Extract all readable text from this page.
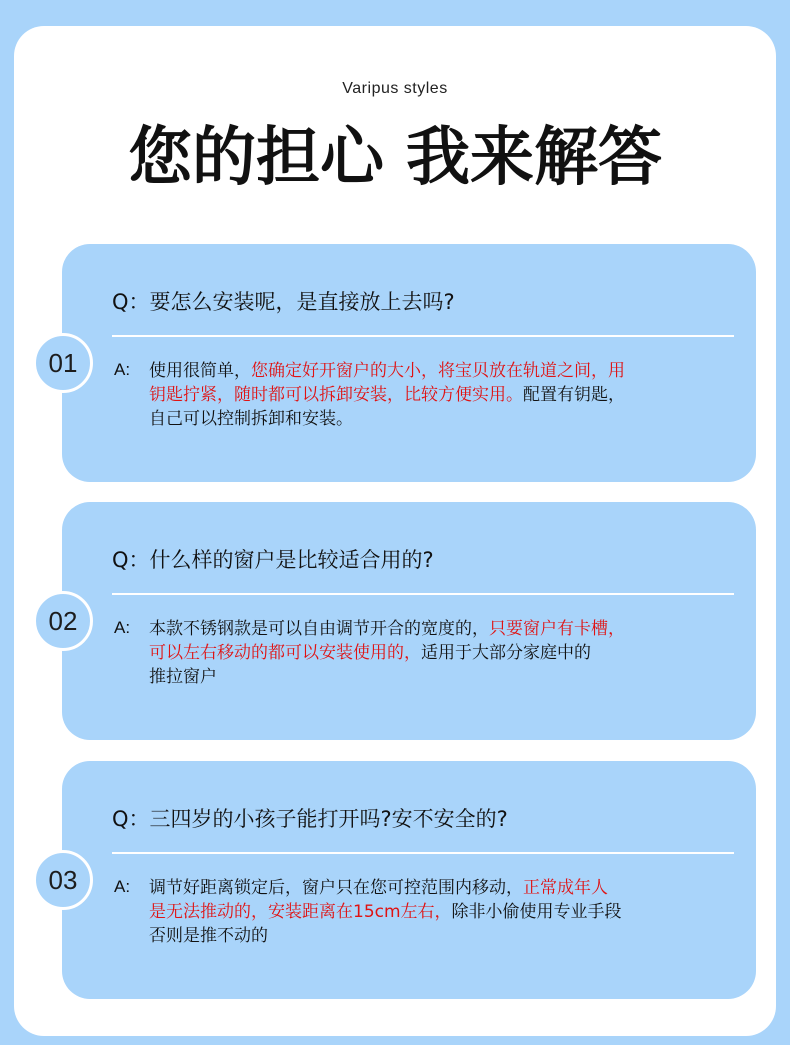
Varipus styles
您的担心 我来解答
01
Q：要怎么安装呢，是直接放上去吗?
A: 使用很简单，您确定好开窗户的大小，将宝贝放在轨道之间，用
钥匙拧紧，随时都可以拆卸安装，比较方便实用。配置有钥匙，
自己可以控制拆卸和安装。
02
Q：什么样的窗户是比较适合用的?
A: 本款不锈钢款是可以自由调节开合的宽度的，只要窗户有卡槽，
可以左右移动的都可以安装使用的，适用于大部分家庭中的
推拉窗户
03
Q：三四岁的小孩子能打开吗?安不安全的?
A: 调节好距离锁定后，窗户只在您可控范围内移动，正常成年人
是无法推动的，安装距离在15cm左右，除非小偷使用专业手段
否则是推不动的
